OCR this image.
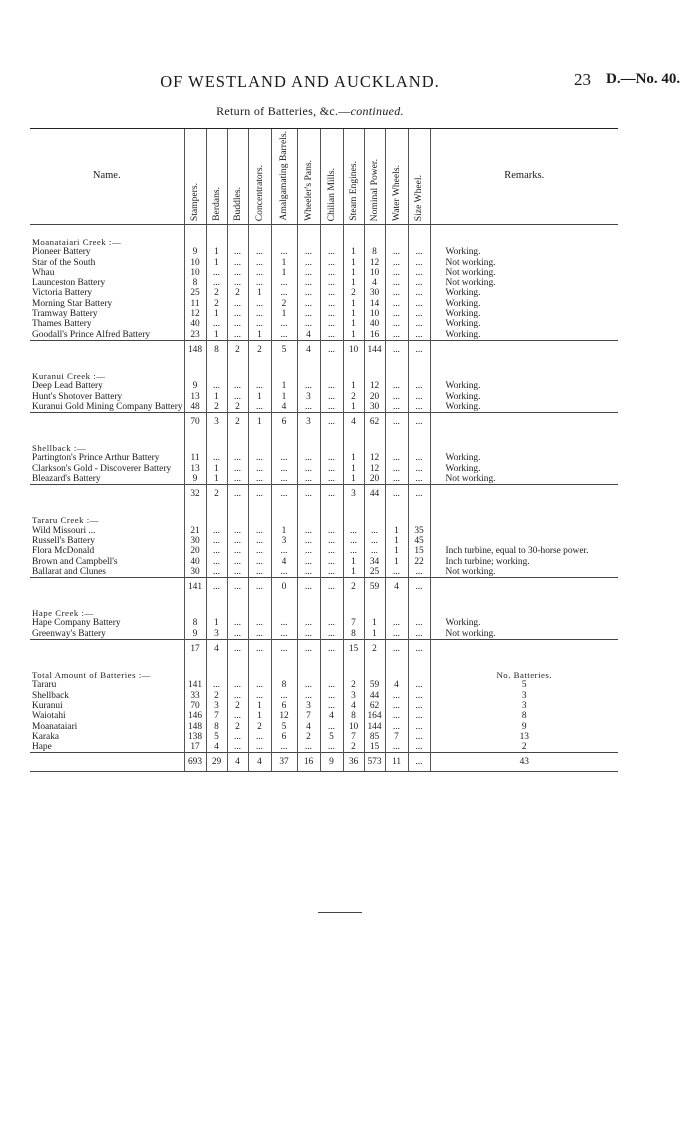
OF WESTLAND AND AUCKLAND.	23 D.—No. 40.
Return of Batteries, &c.—continued.
Name.	Stampers.	Berdans.	Buddles.	Concentrators.	Amalgamating Barrels.	Wheeler's Pans.	Chilian Mills.	Steam Engines.	Nominal Power.	Water Wheels.	Size Wheel.	Remarks.
Moanataiari Creek :—												
Pioneer Battery	9	1	...	...	...	...	...	1	8	...	...	Working.
Star of the South	10	1	...	...	1	...	...	1	12	...	...	Not working.
Whau	10	...	...	...	1	...	...	1	10	...	...	Not working.
Launceston Battery	8	...	...	...	...	...	...	1	4	...	...	Not working.
Victoria Battery	25	2	2	1	...	...	...	2	30	...	...	Working.
Morning Star Battery	11	2	...	...	2	...	...	1	14	...	...	Working.
Tramway Battery	12	1	...	...	1	...	...	1	10	...	...	Working.
Thames Battery	40	...	...	...	...	...	...	1	40	...	...	Working.
Goodall's Prince Alfred Battery	23	1	...	1	...	4	...	1	16	...	...	Working.
	148	8	2	2	5	4	...	10	144	...	...	
Kuranui Creek :—												
Deep Lead Battery	9	...	...	...	1	...	...	1	12	...	...	Working.
Hunt's Shotover Battery	13	1	...	1	1	3	...	2	20	...	...	Working.
Kuranui Gold Mining Company Battery	48	2	2	...	4	...	...	1	30	...	...	Working.
	70	3	2	1	6	3	...	4	62	...	...	
Shellback :—												
Partington's Prince Arthur Battery	11	...	...	...	...	...	...	1	12	...	...	Working.
Clarkson's Gold - Discoverer Battery	13	1	...	...	...	...	...	1	12	...	...	Working.
Bleazard's Battery	9	1	...	...	...	...	...	1	20	...	...	Not working.
	32	2	...	...	...	...	...	3	44	...	...	
Tararu Creek :—												
Wild Missouri ...	21	...	...	...	1	...	...	...	...	1	35	
Russell's Battery	30	...	...	...	3	...	...	...	...	1	45	
Flora McDonald	20	...	...	...	...	...	...	...	...	1	15	Inch turbine, equal to 30-horse power.
Brown and Campbell's	40	...	...	...	4	...	...	1	34	1	22	Inch turbine; working.
Ballarat and Clunes	30	...	...	...	...	...	...	1	25	...	...	Not working.
	141	...	...	...	0	...	...	2	59	4	...	
Hape Creek :—												
Hape Company Battery	8	1	...	...	...	...	...	7	1	...	...	Working.
Greenway's Battery	9	3	...	...	...	...	...	8	1	...	...	Not working.
	17	4	...	...	...	...	...	15	2	...	...	
Total Amount of Batteries :—												No. Batteries.
Tararu	141	...	...	...	8	...	...	2	59	4	...	5
Shellback	33	2	...	...	...	...	...	3	44	...	...	3
Kuranui	70	3	2	1	6	3	...	4	62	...	...	3
Waiotahi	146	7	...	1	12	7	4	8	164	...	...	8
Moanataiari	148	8	2	2	5	4	...	10	144	...	...	9
Karaka	138	5	...	...	6	2	5	7	85	7	...	13
Hape	17	4	...	...	...	...	...	2	15	...	...	2
	693	29	4	4	37	16	9	36	573	11	...	43
